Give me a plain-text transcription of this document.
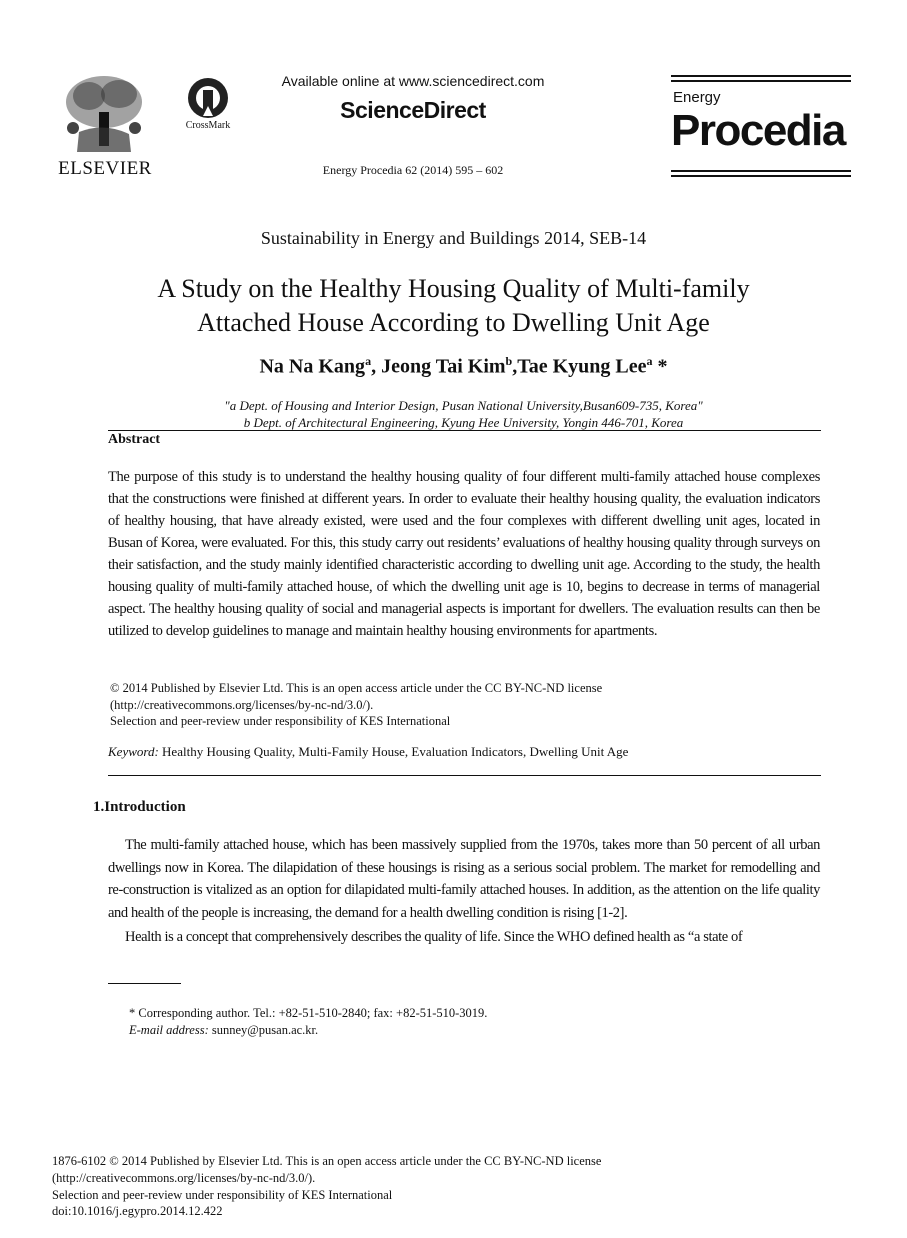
ELSEVIER
CrossMark
Available online at www.sciencedirect.com
ScienceDirect
Energy Procedia 62 (2014) 595 – 602
Energy
Procedia
Sustainability in Energy and Buildings 2014, SEB-14
A Study on the Healthy Housing Quality of Multi-family
Attached House According to Dwelling Unit Age
Na Na Kang$^a$, Jeong Tai Kim$^b$,Tae Kyung Lee$^a$ *
"a Dept. of Housing and Interior Design, Pusan National University,Busan609-735, Korea"
b Dept. of Architectural Engineering, Kyung Hee University, Yongin 446-701, Korea
Abstract
The purpose of this study is to understand the healthy housing quality of four different multi-family attached house complexes that the constructions were finished at different years. In order to evaluate their healthy housing quality, the evaluation indicators of healthy housing, that have already existed, were used and the four complexes with different dwelling unit ages, located in Busan of Korea, were evaluated. For this, this study carry out residents’ evaluations of healthy housing quality through surveys on their satisfaction, and the study mainly identified characteristic according to dwelling unit age. According to the study, the health housing quality of multi-family attached house, of which the dwelling unit age is 10, begins to decrease in terms of managerial aspect. The healthy housing quality of social and managerial aspects is important for dwellers. The evaluation results can then be utilized to develop guidelines to manage and maintain healthy housing environments for apartments.
© 2014 Published by Elsevier Ltd. This is an open access article under the CC BY-NC-ND license
(http://creativecommons.org/licenses/by-nc-nd/3.0/).
Selection and peer-review under responsibility of KES International
Keyword: Healthy Housing Quality, Multi-Family House, Evaluation Indicators, Dwelling Unit Age
1.Introduction

The multi-family attached house, which has been massively supplied from the 1970s, takes more than 50 percent of all urban dwellings now in Korea. The dilapidation of these housings is rising as a serious social problem. The market for remodelling and re-construction is vitalized as an option for dilapidated multi-family attached houses. In addition, as the attention on the life quality and health of the people is increasing, the demand for a health dwelling condition is rising [1-2].

Health is a concept that comprehensively describes the quality of life. Since the WHO defined health as “a state of

* Corresponding author. Tel.: +82-51-510-2840; fax: +82-51-510-3019.
E-mail address: sunney@pusan.ac.kr.
1876-6102 © 2014 Published by Elsevier Ltd. This is an open access article under the CC BY-NC-ND license
(http://creativecommons.org/licenses/by-nc-nd/3.0/).
Selection and peer-review under responsibility of KES International
doi:10.1016/j.egypro.2014.12.422
